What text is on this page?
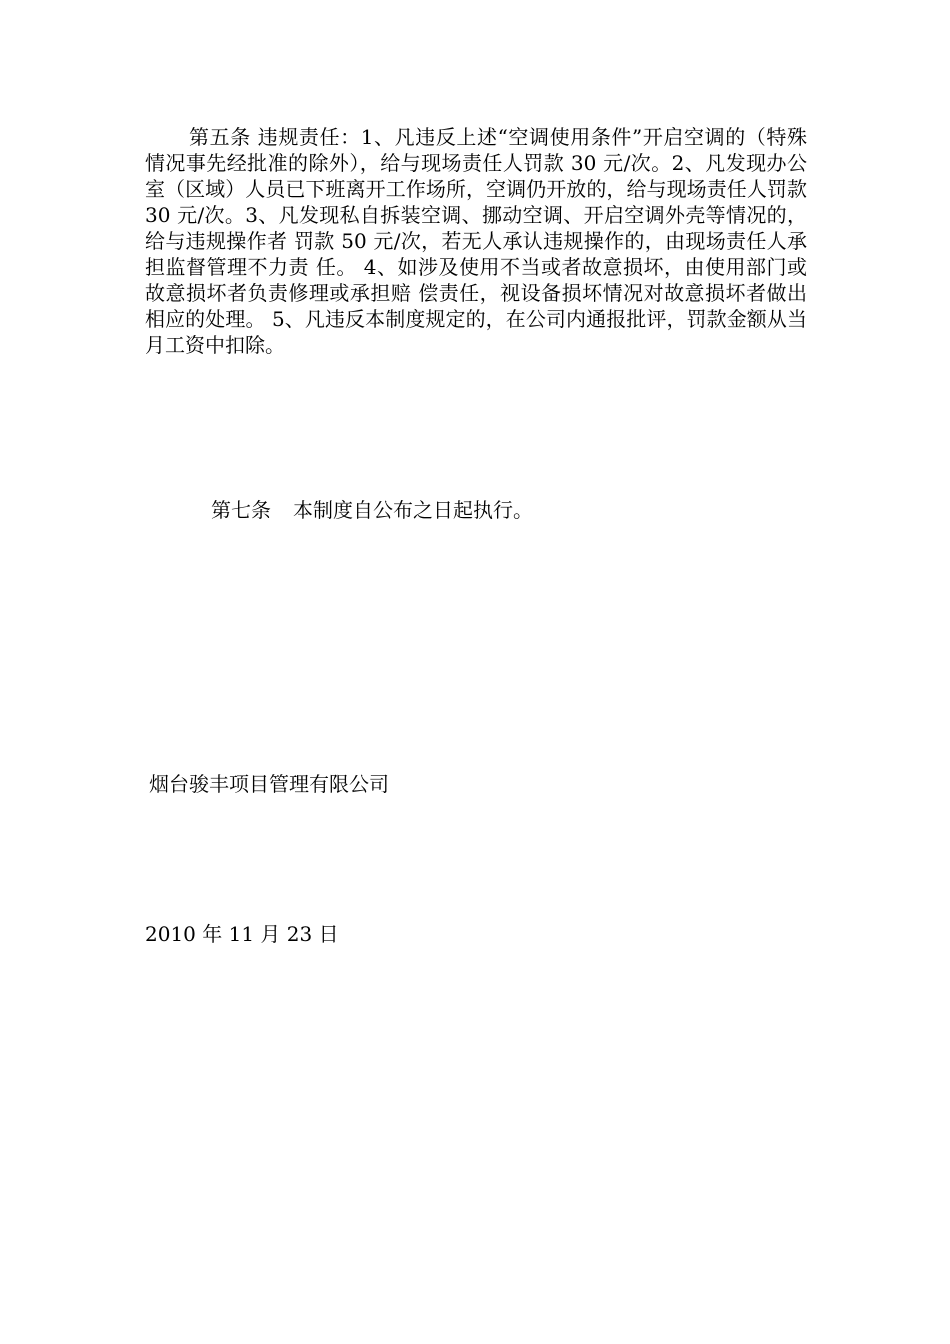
第五条 违规责任：1、凡违反上述“空调使用条件”开启空调的（特殊情况事先经批准的除外），给与现场责任人罚款 30 元/次。2、凡发现办公室（区域）人员已下班离开工作场所，空调仍开放的，给与现场责任人罚款 30 元/次。3、凡发现私自拆装空调、挪动空调、开启空调外壳等情况的，给与违规操作者 罚款 50 元/次，若无人承认违规操作的，由现场责任人承担监督管理不力责 任。 4、如涉及使用不当或者故意损坏，由使用部门或故意损坏者负责修理或承担赔 偿责任，视设备损坏情况对故意损坏者做出相应的处理。 5、凡违反本制度规定的，在公司内通报批评，罚款金额从当月工资中扣除。

第七条 本制度自公布之日起执行。
烟台骏丰项目管理有限公司
2010 年 11 月 23 日
